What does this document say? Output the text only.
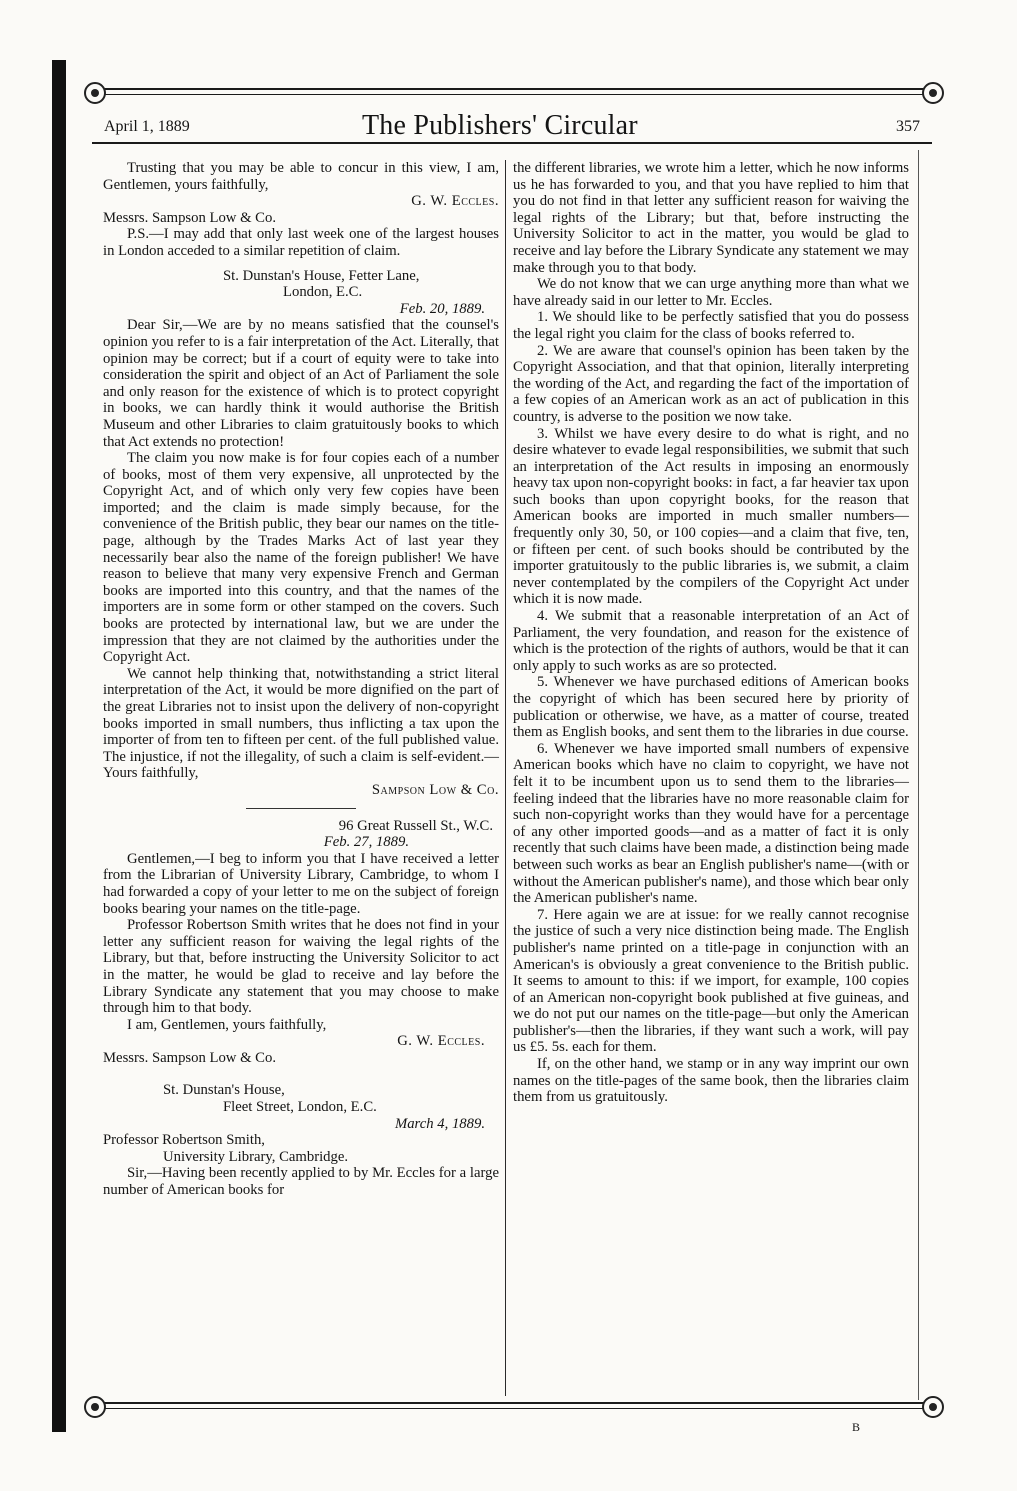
April 1, 1889	The Publishers' Circular	357

Trusting that you may be able to concur in this view, I am, Gentlemen, yours faithfully,

G. W. Eccles.

Messrs. Sampson Low & Co.

P.S.—I may add that only last week one of the largest houses in London acceded to a similar repetition of claim.

St. Dunstan's House, Fetter Lane,

London, E.C.

Feb. 20, 1889.

Dear Sir,—We are by no means satisfied that the counsel's opinion you refer to is a fair interpretation of the Act. Literally, that opinion may be correct; but if a court of equity were to take into consideration the spirit and object of an Act of Parliament the sole and only reason for the existence of which is to protect copyright in books, we can hardly think it would authorise the British Museum and other Libraries to claim gratuitously books to which that Act extends no protection!

The claim you now make is for four copies each of a number of books, most of them very expensive, all unprotected by the Copyright Act, and of which only very few copies have been imported; and the claim is made simply because, for the convenience of the British public, they bear our names on the title-page, although by the Trades Marks Act of last year they necessarily bear also the name of the foreign publisher! We have reason to believe that many very expensive French and German books are imported into this country, and that the names of the importers are in some form or other stamped on the covers. Such books are protected by international law, but we are under the impression that they are not claimed by the authorities under the Copyright Act.

We cannot help thinking that, notwithstanding a strict literal interpretation of the Act, it would be more dignified on the part of the great Libraries not to insist upon the delivery of non-copyright books imported in small numbers, thus inflicting a tax upon the importer of from ten to fifteen per cent. of the full published value. The injustice, if not the illegality, of such a claim is self-evident.—Yours faithfully,

Sampson Low & Co.

96 Great Russell St., W.C.

Feb. 27, 1889.

Gentlemen,—I beg to inform you that I have received a letter from the Librarian of University Library, Cambridge, to whom I had forwarded a copy of your letter to me on the subject of foreign books bearing your names on the title-page.

Professor Robertson Smith writes that he does not find in your letter any sufficient reason for waiving the legal rights of the Library, but that, before instructing the University Solicitor to act in the matter, he would be glad to receive and lay before the Library Syndicate any statement that you may choose to make through him to that body.

I am, Gentlemen, yours faithfully,

G. W. Eccles.

Messrs. Sampson Low & Co.

St. Dunstan's House,

Fleet Street, London, E.C.

March 4, 1889.

Professor Robertson Smith,

University Library, Cambridge.

Sir,—Having been recently applied to by Mr. Eccles for a large number of American books for

the different libraries, we wrote him a letter, which he now informs us he has forwarded to you, and that you have replied to him that you do not find in that letter any sufficient reason for waiving the legal rights of the Library; but that, before instructing the University Solicitor to act in the matter, you would be glad to receive and lay before the Library Syndicate any statement we may make through you to that body.

We do not know that we can urge anything more than what we have already said in our letter to Mr. Eccles.

1. We should like to be perfectly satisfied that you do possess the legal right you claim for the class of books referred to.

2. We are aware that counsel's opinion has been taken by the Copyright Association, and that that opinion, literally interpreting the wording of the Act, and regarding the fact of the importation of a few copies of an American work as an act of publication in this country, is adverse to the position we now take.

3. Whilst we have every desire to do what is right, and no desire whatever to evade legal responsibilities, we submit that such an interpretation of the Act results in imposing an enormously heavy tax upon non-copyright books: in fact, a far heavier tax upon such books than upon copyright books, for the reason that American books are imported in much smaller numbers—frequently only 30, 50, or 100 copies—and a claim that five, ten, or fifteen per cent. of such books should be contributed by the importer gratuitously to the public libraries is, we submit, a claim never contemplated by the compilers of the Copyright Act under which it is now made.

4. We submit that a reasonable interpretation of an Act of Parliament, the very foundation, and reason for the existence of which is the protection of the rights of authors, would be that it can only apply to such works as are so protected.

5. Whenever we have purchased editions of American books the copyright of which has been secured here by priority of publication or otherwise, we have, as a matter of course, treated them as English books, and sent them to the libraries in due course.

6. Whenever we have imported small numbers of expensive American books which have no claim to copyright, we have not felt it to be incumbent upon us to send them to the libraries—feeling indeed that the libraries have no more reasonable claim for such non-copyright works than they would have for a percentage of any other imported goods—and as a matter of fact it is only recently that such claims have been made, a distinction being made between such works as bear an English publisher's name—(with or without the American publisher's name), and those which bear only the American publisher's name.

7. Here again we are at issue: for we really cannot recognise the justice of such a very nice distinction being made. The English publisher's name printed on a title-page in conjunction with an American's is obviously a great convenience to the British public. It seems to amount to this: if we import, for example, 100 copies of an American non-copyright book published at five guineas, and we do not put our names on the title-page—but only the American publisher's—then the libraries, if they want such a work, will pay us £5. 5s. each for them.

If, on the other hand, we stamp or in any way imprint our own names on the title-pages of the same book, then the libraries claim them from us gratuitously.

B
